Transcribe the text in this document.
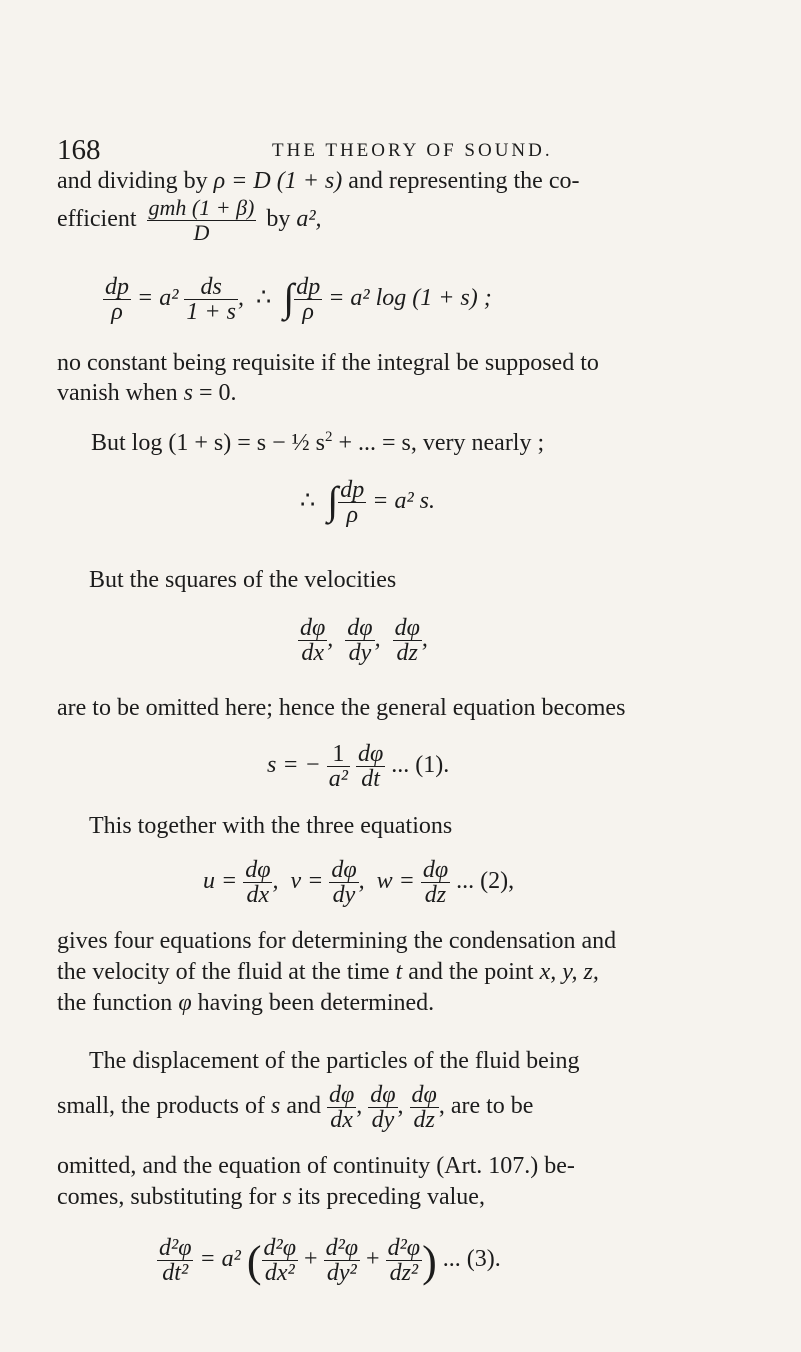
168	THE THEORY OF SOUND.
and dividing by ρ = D (1 + s) and representing the co-
efficient $\frac{\text{gmh (1 + β)}}{D}$ by a²,
$\frac{dp}{\rho} = a^2 \frac{ds}{1 + s}$ ,  ∴ ∫ $\frac{dp}{\rho} = a^2$ log (1 + s) ;
no constant being requisite if the integral be supposed to
vanish when s = 0.
But log (1 + s) = s − ½ $s^2$ + ... = s, very nearly ;
∴ ∫ $\frac{dp}{\rho} = a^2$ s.
But the squares of the velocities
$\frac{d\varphi}{dx}$ , $\frac{d\varphi}{dy}$ , $\frac{d\varphi}{dz}$ ,
are to be omitted here; hence the general equation becomes
s = − $\frac{1}{\text{a²}}$
$\frac{d\varphi}{dt}$ ... (1).
This together with the three equations
$u = \frac{d\varphi}{dx}$ ,  $v = \frac{d\varphi}{dy}$ ,  $w = \frac{d\varphi}{dz}$ ... (2),
gives four equations for determining the condensation and
the velocity of the fluid at the time t and the point x, y, z,
the function φ having been determined.
The displacement of the particles of the fluid being
small, the products of s and $\frac{d\varphi}{dx}$ , $\frac{d\varphi}{dy}$ , $\frac{d\varphi}{dz}$ , are to be
omitted, and the equation of continuity (Art. 107.) be-
comes, substituting for s its preceding value,
$\frac{\text{d²φ}}{\text{dt²}} = a^2$ ( $\frac{\text{d²φ}}{\text{dx²}} + \frac{\text{d²φ}}{\text{dy²}} + \frac{\text{d²φ}}{\text{dz²}}$ ) ... (3).
